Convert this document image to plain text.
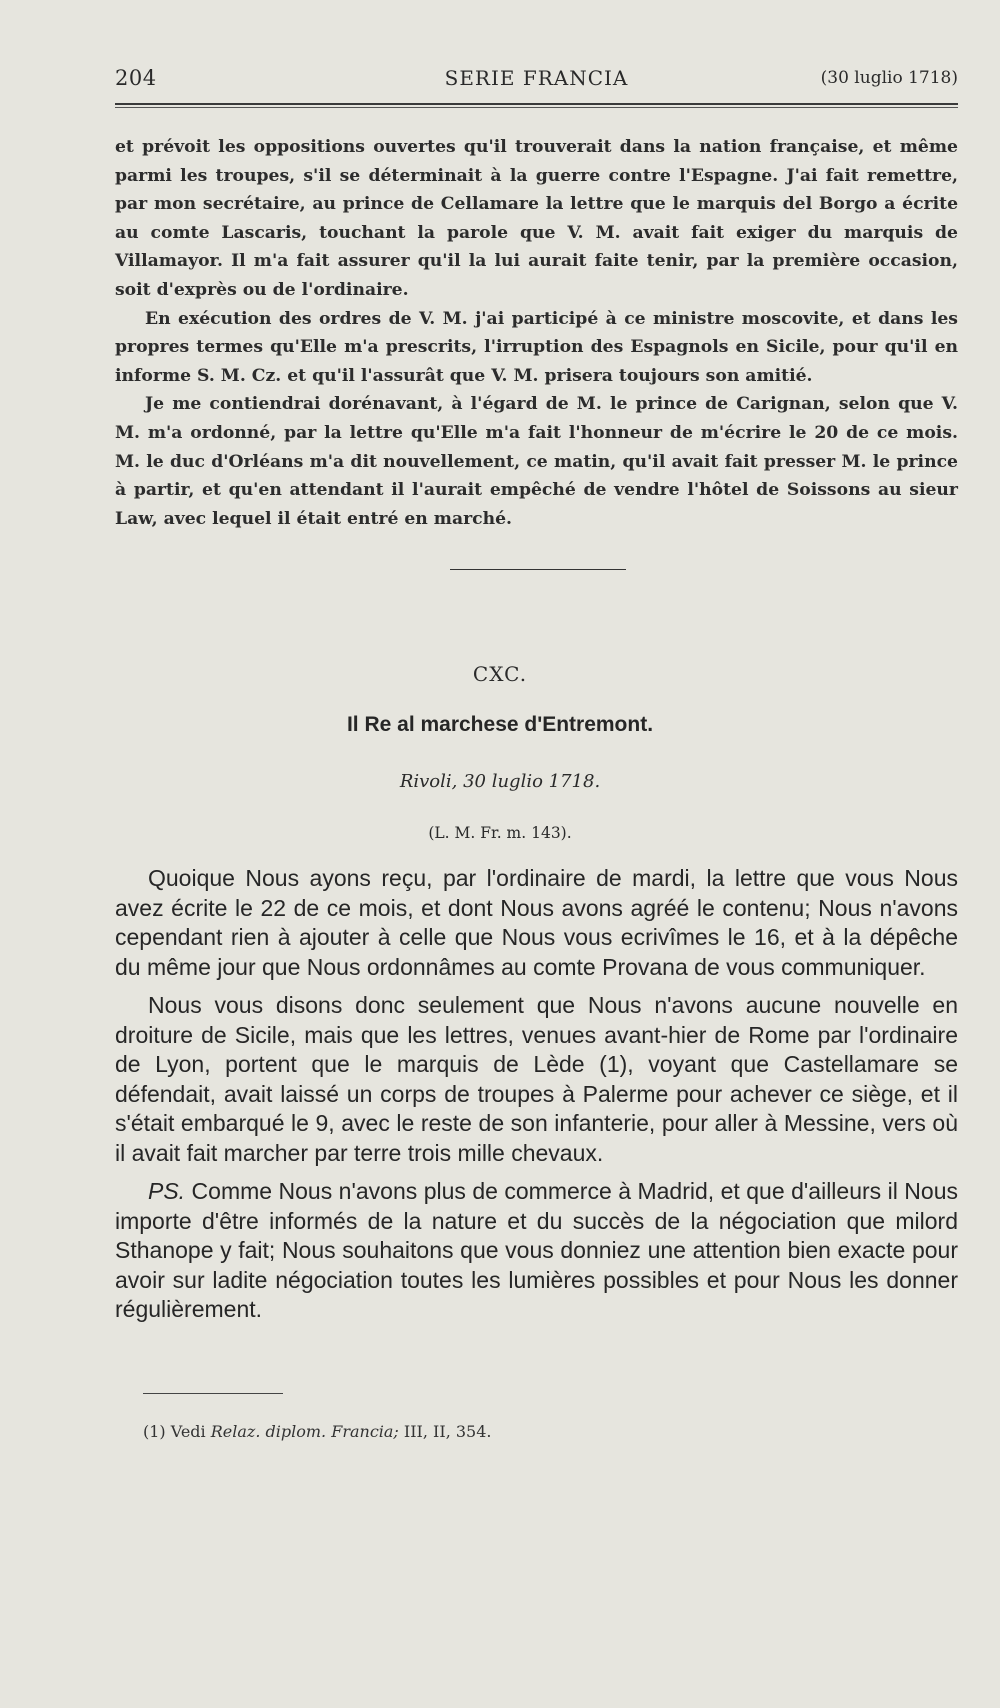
204	SERIE FRANCIA	(30 luglio 1718)

et prévoit les oppositions ouvertes qu'il trouverait dans la nation française, et même parmi les troupes, s'il se déterminait à la guerre contre l'Espagne. J'ai fait remettre, par mon secrétaire, au prince de Cellamare la lettre que le marquis del Borgo a écrite au comte Lascaris, touchant la parole que V. M. avait fait exiger du marquis de Villamayor. Il m'a fait assurer qu'il la lui aurait faite tenir, par la première occasion, soit d'exprès ou de l'ordinaire.

En exécution des ordres de V. M. j'ai participé à ce ministre moscovite, et dans les propres termes qu'Elle m'a prescrits, l'irruption des Espagnols en Sicile, pour qu'il en informe S. M. Cz. et qu'il l'assurât que V. M. prisera toujours son amitié.

Je me contiendrai dorénavant, à l'égard de M. le prince de Carignan, selon que V. M. m'a ordonné, par la lettre qu'Elle m'a fait l'honneur de m'écrire le 20 de ce mois. M. le duc d'Orléans m'a dit nouvellement, ce matin, qu'il avait fait presser M. le prince à partir, et qu'en attendant il l'aurait empêché de vendre l'hôtel de Soissons au sieur Law, avec lequel il était entré en marché.

CXC.
Il Re al marchese d'Entremont.
Rivoli, 30 luglio 1718.
(L. M. Fr. m. 143).

Quoique Nous ayons reçu, par l'ordinaire de mardi, la lettre que vous Nous avez écrite le 22 de ce mois, et dont Nous avons agréé le contenu; Nous n'avons cependant rien à ajouter à celle que Nous vous ecrivîmes le 16, et à la dépêche du même jour que Nous ordonnâmes au comte Provana de vous communiquer.

Nous vous disons donc seulement que Nous n'avons aucune nouvelle en droiture de Sicile, mais que les lettres, venues avant-hier de Rome par l'ordinaire de Lyon, portent que le marquis de Lède (1), voyant que Castellamare se défendait, avait laissé un corps de troupes à Palerme pour achever ce siège, et il s'était embarqué le 9, avec le reste de son infanterie, pour aller à Messine, vers où il avait fait marcher par terre trois mille chevaux.

PS. Comme Nous n'avons plus de commerce à Madrid, et que d'ailleurs il Nous importe d'être informés de la nature et du succès de la négociation que milord Sthanope y fait; Nous souhaitons que vous donniez une attention bien exacte pour avoir sur ladite négociation toutes les lumières possibles et pour Nous les donner régulièrement.

(1) Vedi Relaz. diplom. Francia; III, II, 354.
